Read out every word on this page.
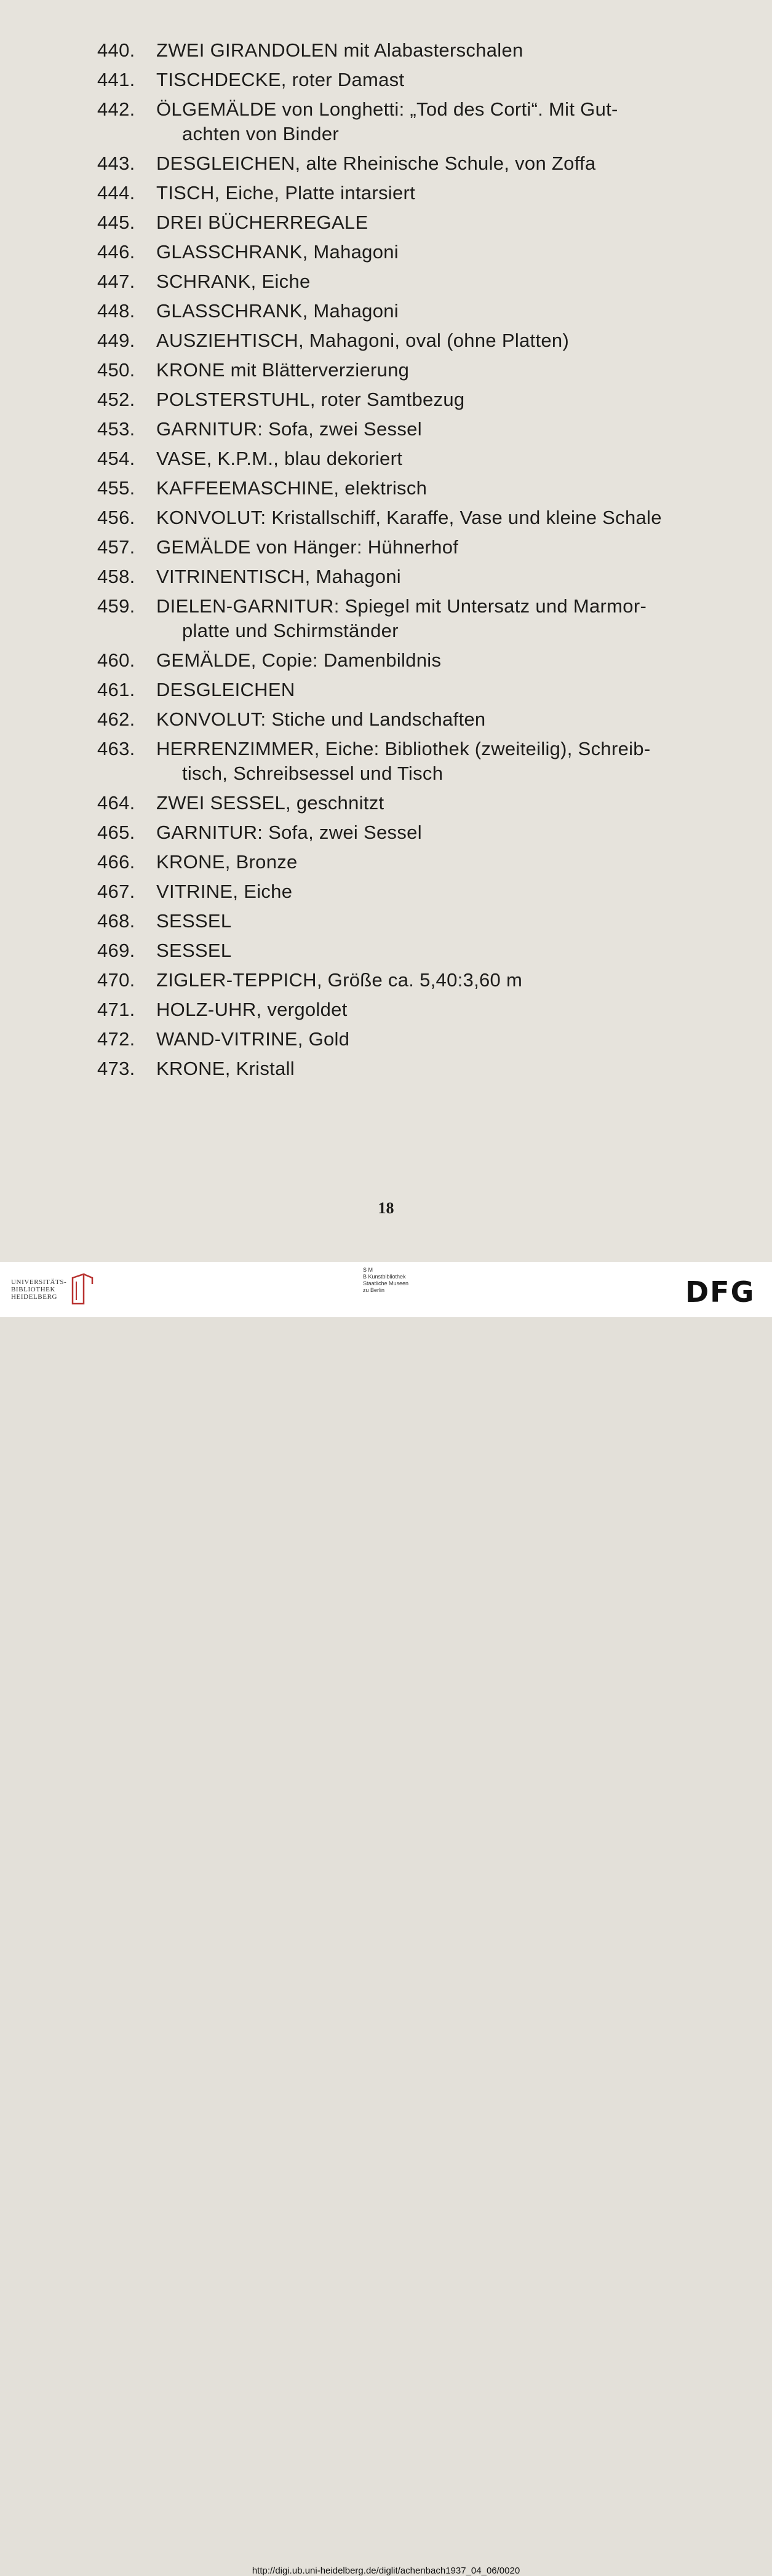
440.	ZWEI GIRANDOLEN mit Alabasterschalen
441.	TISCHDECKE, roter Damast
442.	ÖLGEMÄLDE von Longhetti: „Tod des Corti“. Mit Gut-
achten von Binder
443.	DESGLEICHEN, alte Rheinische Schule, von Zoffa
444.	TISCH, Eiche, Platte intarsiert
445.	DREI BÜCHERREGALE
446.	GLASSCHRANK, Mahagoni
447.	SCHRANK, Eiche
448.	GLASSCHRANK, Mahagoni
449.	AUSZIEHTISCH, Mahagoni, oval (ohne Platten)
450.	KRONE mit Blätterverzierung
452.	POLSTERSTUHL, roter Samtbezug
453.	GARNITUR: Sofa, zwei Sessel
454.	VASE, K.P.M., blau dekoriert
455.	KAFFEEMASCHINE, elektrisch
456.	KONVOLUT: Kristallschiff, Karaffe, Vase und kleine Schale
457.	GEMÄLDE von Hänger: Hühnerhof
458.	VITRINENTISCH, Mahagoni
459.	DIELEN-GARNITUR: Spiegel mit Untersatz und Marmor-
platte und Schirmständer
460.	GEMÄLDE, Copie: Damenbildnis
461.	DESGLEICHEN
462.	KONVOLUT: Stiche und Landschaften
463.	HERRENZIMMER, Eiche: Bibliothek (zweiteilig), Schreib-
tisch, Schreibsessel und Tisch
464.	ZWEI SESSEL, geschnitzt
465.	GARNITUR: Sofa, zwei Sessel
466.	KRONE, Bronze
467.	VITRINE, Eiche
468.	SESSEL
469.	SESSEL
470.	ZIGLER-TEPPICH, Größe ca. 5,40:3,60 m
471.	HOLZ-UHR, vergoldet
472.	WAND-VITRINE, Gold
473.	KRONE, Kristall
18
UNIVERSITÄTS-
BIBLIOTHEK
HEIDELBERG
S M
B Kunstbibliothek
Staatliche Museen
zu Berlin	DFG
http://digi.ub.uni-heidelberg.de/diglit/achenbach1937_04_06/0020
